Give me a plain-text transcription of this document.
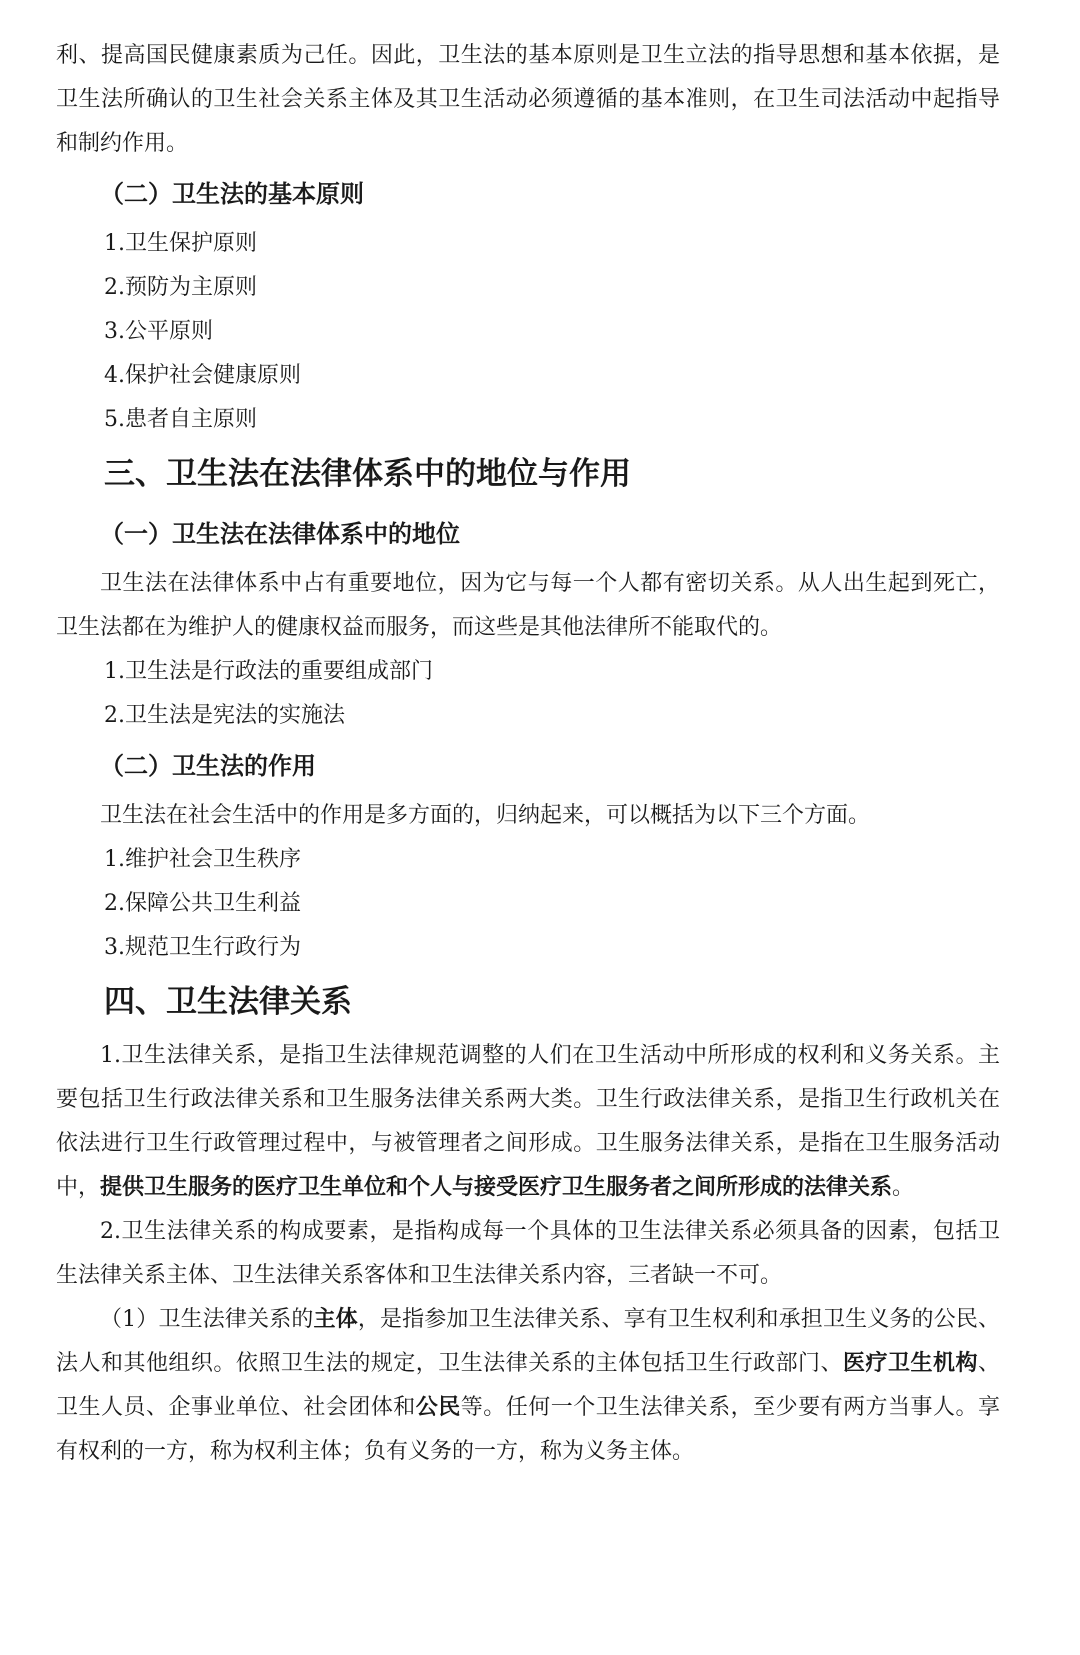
利、提高国民健康素质为己任。因此，卫生法的基本原则是卫生立法的指导思想和基本依据，是卫生法所确认的卫生社会关系主体及其卫生活动必须遵循的基本准则，在卫生司法活动中起指导和制约作用。

（二）卫生法的基本原则

1.卫生保护原则

2.预防为主原则

3.公平原则

4.保护社会健康原则

5.患者自主原则

三、卫生法在法律体系中的地位与作用
（一）卫生法在法律体系中的地位

卫生法在法律体系中占有重要地位，因为它与每一个人都有密切关系。从人出生起到死亡，卫生法都在为维护人的健康权益而服务，而这些是其他法律所不能取代的。

1.卫生法是行政法的重要组成部门

2.卫生法是宪法的实施法

（二）卫生法的作用

卫生法在社会生活中的作用是多方面的，归纳起来，可以概括为以下三个方面。

1.维护社会卫生秩序

2.保障公共卫生利益

3.规范卫生行政行为

四、卫生法律关系

1.卫生法律关系，是指卫生法律规范调整的人们在卫生活动中所形成的权利和义务关系。主要包括卫生行政法律关系和卫生服务法律关系两大类。卫生行政法律关系，是指卫生行政机关在依法进行卫生行政管理过程中，与被管理者之间形成。卫生服务法律关系，是指在卫生服务活动中，提供卫生服务的医疗卫生单位和个人与接受医疗卫生服务者之间所形成的法律关系。

2.卫生法律关系的构成要素，是指构成每一个具体的卫生法律关系必须具备的因素，包括卫生法律关系主体、卫生法律关系客体和卫生法律关系内容，三者缺一不可。

（1）卫生法律关系的主体，是指参加卫生法律关系、享有卫生权利和承担卫生义务的公民、法人和其他组织。依照卫生法的规定，卫生法律关系的主体包括卫生行政部门、医疗卫生机构、卫生人员、企事业单位、社会团体和公民等。任何一个卫生法律关系，至少要有两方当事人。享有权利的一方，称为权利主体；负有义务的一方，称为义务主体。
